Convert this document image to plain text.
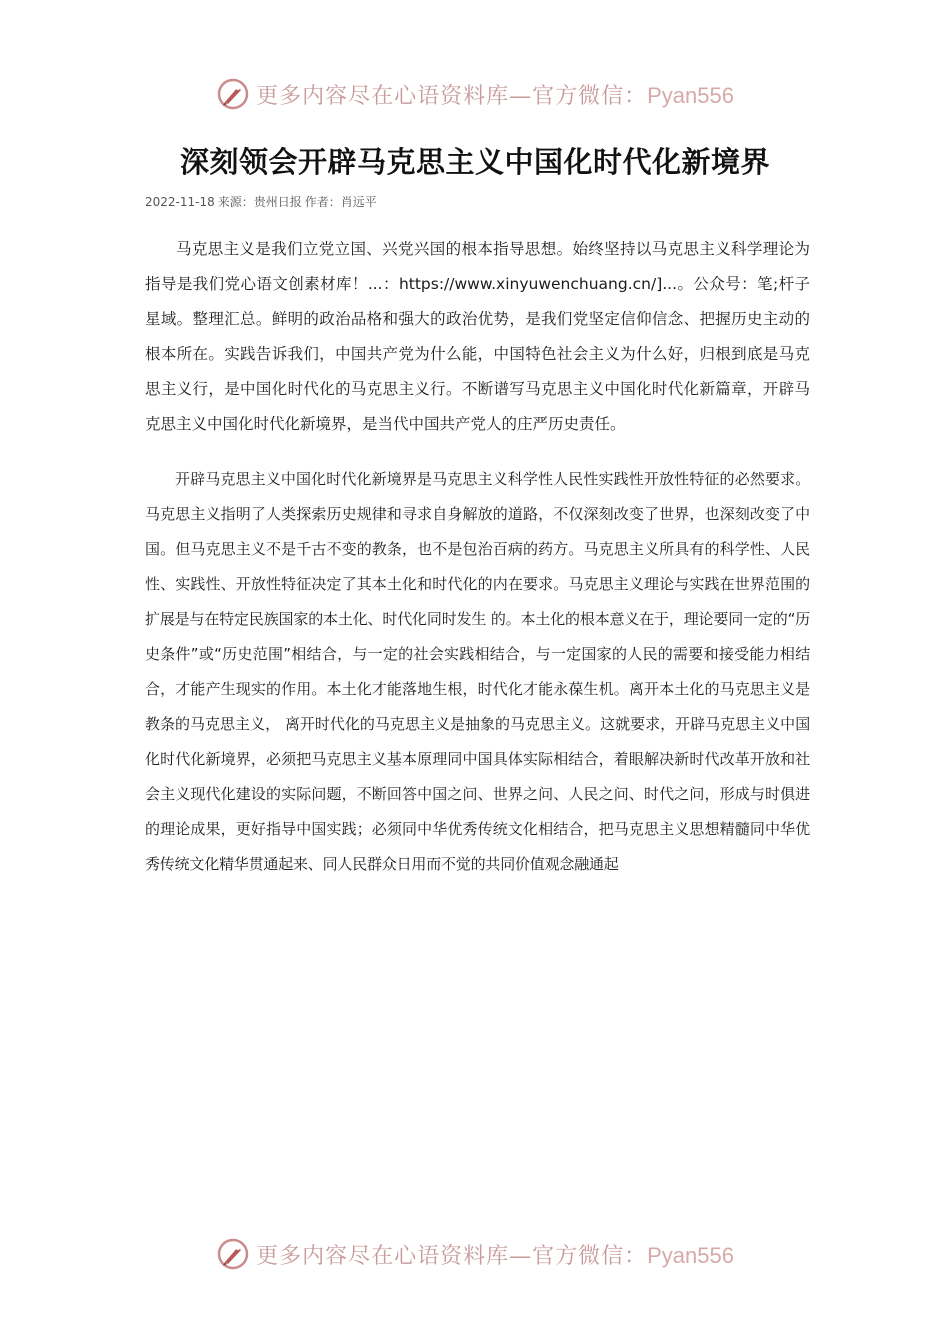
更多内容尽在心语资料库—官方微信：Pyan556
深刻领会开辟马克思主义中国化时代化新境界
2022-11-18 来源：贵州日报 作者：肖远平

马克思主义是我们立党立国、兴党兴国的根本指导思想。始终坚持以马克思主义科学理论为指导是我们党心语文创素材库！...：https://www.xinyuwenchuang.cn/]...。公众号：笔;杆子星域。整理汇总。鲜明的政治品格和强大的政治优势，是我们党坚定信仰信念、把握历史主动的根本所在。实践告诉我们，中国共产党为什么能，中国特色社会主义为什么好，归根到底是马克思主义行，是中国化时代化的马克思主义行。不断谱写马克思主义中国化时代化新篇章，开辟马克思主义中国化时代化新境界，是当代中国共产党人的庄严历史责任。

开辟马克思主义中国化时代化新境界是马克思主义科学性人民性实践性开放性特征的必然要求。马克思主义指明了人类探索历史规律和寻求自身解放的道路，不仅深刻改变了世界，也深刻改变了中国。但马克思主义不是千古不变的教条，也不是包治百病的药方。马克思主义所具有的科学性、人民性、实践性、开放性特征决定了其本土化和时代化的内在要求。马克思主义理论与实践在世界范围的扩展是与在特定民族国家的本土化、时代化同时发生 的。本土化的根本意义在于，理论要同一定的“历史条件”或“历史范围”相结合，与一定的社会实践相结合，与一定国家的人民的需要和接受能力相结合，才能产生现实的作用。本土化才能落地生根，时代化才能永葆生机。离开本土化的马克思主义是教条的马克思主义， 离开时代化的马克思主义是抽象的马克思主义。这就要求，开辟马克思主义中国化时代化新境界，必须把马克思主义基本原理同中国具体实际相结合，着眼解决新时代改革开放和社会主义现代化建设的实际问题，不断回答中国之问、世界之问、人民之问、时代之问，形成与时俱进的理论成果，更好指导中国实践；必须同中华优秀传统文化相结合，把马克思主义思想精髓同中华优秀传统文化精华贯通起来、同人民群众日用而不觉的共同价值观念融通起

更多内容尽在心语资料库—官方微信：Pyan556
